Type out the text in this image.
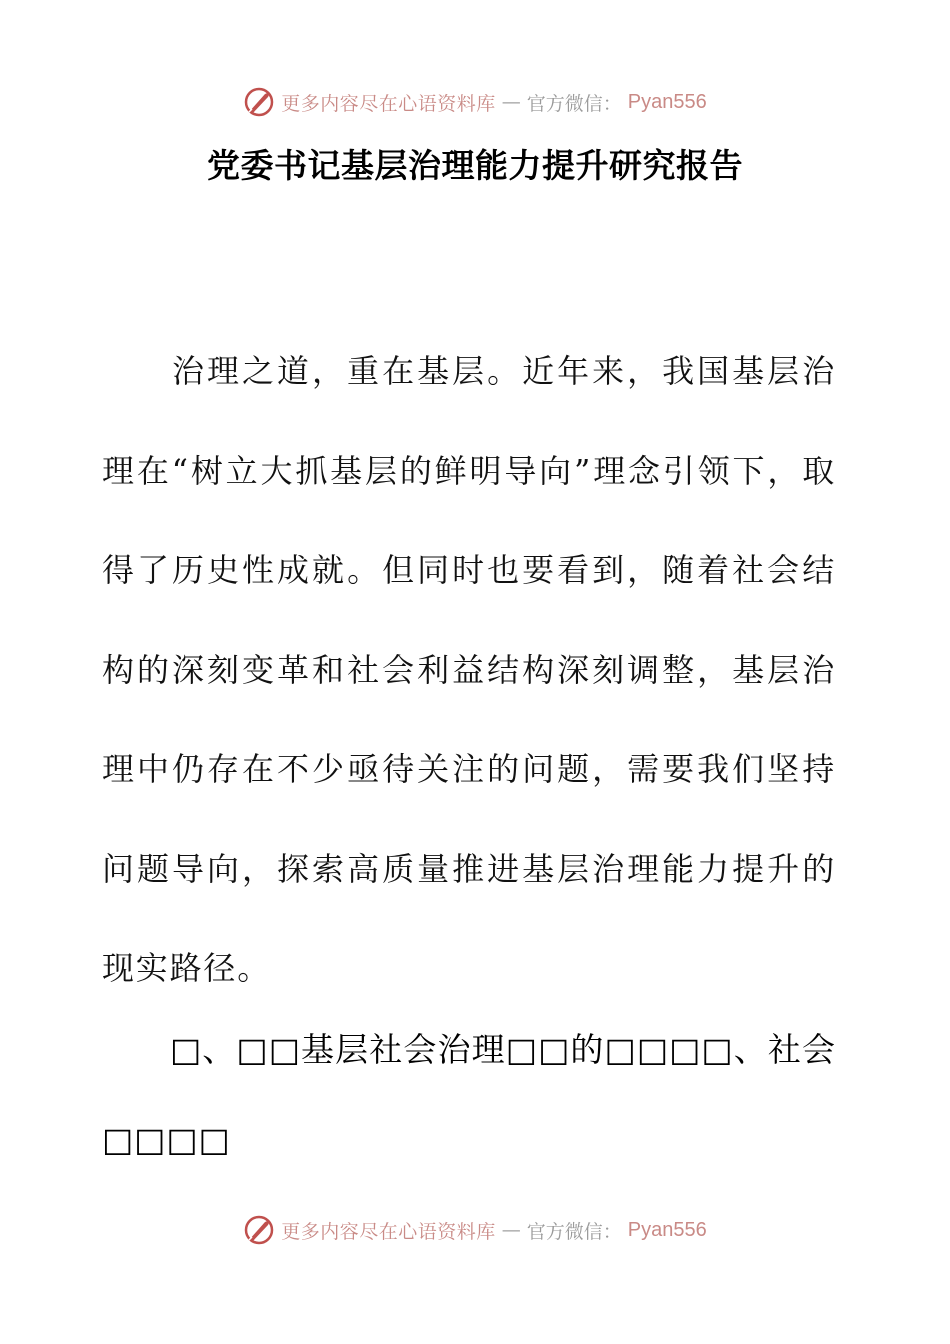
更多内容尽在心语资料库 — 官方微信： Pyan556
党委书记基层治理能力提升研究报告

治理之道，重在基层。近年来，我国基层治理在“树立大抓基层的鲜明导向”理念引领下，取得了历史性成就。但同时也要看到，随着社会结构的深刻变革和社会利益结构深刻调整，基层治理中仍存在不少亟待关注的问题，需要我们坚持问题导向，探索高质量推进基层治理能力提升的现实路径。

□、□□基层社会治理□□的□□□□、社会□□□□

更多内容尽在心语资料库 — 官方微信： Pyan556
